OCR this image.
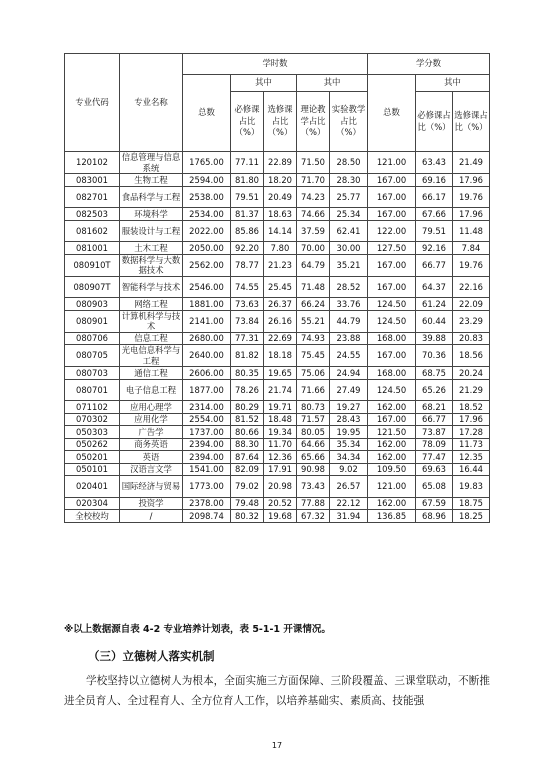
专业代码	专业名称	学时数					学分数		
		总数	其中		其中		总数	其中	
			必修课占比（%）	选修课占比（%）	理论教学占比（%）	实验教学占比（%）		必修课占比（%）	选修课占比（%）
120102	信息管理与信息系统	1765.00	77.11	22.89	71.50	28.50	121.00	63.43	21.49
083001	生物工程	2594.00	81.80	18.20	71.70	28.30	167.00	69.16	17.96
082701	食品科学与工程	2538.00	79.51	20.49	74.23	25.77	167.00	66.17	19.76
082503	环境科学	2534.00	81.37	18.63	74.66	25.34	167.00	67.66	17.96
081602	服装设计与工程	2022.00	85.86	14.14	37.59	62.41	122.00	79.51	11.48
081001	土木工程	2050.00	92.20	7.80	70.00	30.00	127.50	92.16	7.84
080910T	数据科学与大数据技术	2562.00	78.77	21.23	64.79	35.21	167.00	66.77	19.76
080907T	智能科学与技术	2546.00	74.55	25.45	71.48	28.52	167.00	64.37	22.16
080903	网络工程	1881.00	73.63	26.37	66.24	33.76	124.50	61.24	22.09
080901	计算机科学与技术	2141.00	73.84	26.16	55.21	44.79	124.50	60.44	23.29
080706	信息工程	2680.00	77.31	22.69	74.93	23.88	168.00	39.88	20.83
080705	光电信息科学与工程	2640.00	81.82	18.18	75.45	24.55	167.00	70.36	18.56
080703	通信工程	2606.00	80.35	19.65	75.06	24.94	168.00	68.75	20.24
080701	电子信息工程	1877.00	78.26	21.74	71.66	27.49	124.50	65.26	21.29
071102	应用心理学	2314.00	80.29	19.71	80.73	19.27	162.00	68.21	18.52
070302	应用化学	2554.00	81.52	18.48	71.57	28.43	167.00	66.77	17.96
050303	广告学	1737.00	80.66	19.34	80.05	19.95	121.50	73.87	17.28
050262	商务英语	2394.00	88.30	11.70	64.66	35.34	162.00	78.09	11.73
050201	英语	2394.00	87.64	12.36	65.66	34.34	162.00	77.47	12.35
050101	汉语言文学	1541.00	82.09	17.91	90.98	9.02	109.50	69.63	16.44
020401	国际经济与贸易	1773.00	79.02	20.98	73.43	26.57	121.00	65.08	19.83
020304	投资学	2378.00	79.48	20.52	77.88	22.12	162.00	67.59	18.75
全校校均	/	2098.74	80.32	19.68	67.32	31.94	136.85	68.96	18.25
※以上数据源自表 4-2 专业培养计划表，表 5-1-1 开课情况。
（三）立德树人落实机制
学校坚持以立德树人为根本，全面实施三方面保障、三阶段覆盖、三课堂联动，不断推进全员育人、全过程育人、全方位育人工作，以培养基础实、素质高、技能强
17
